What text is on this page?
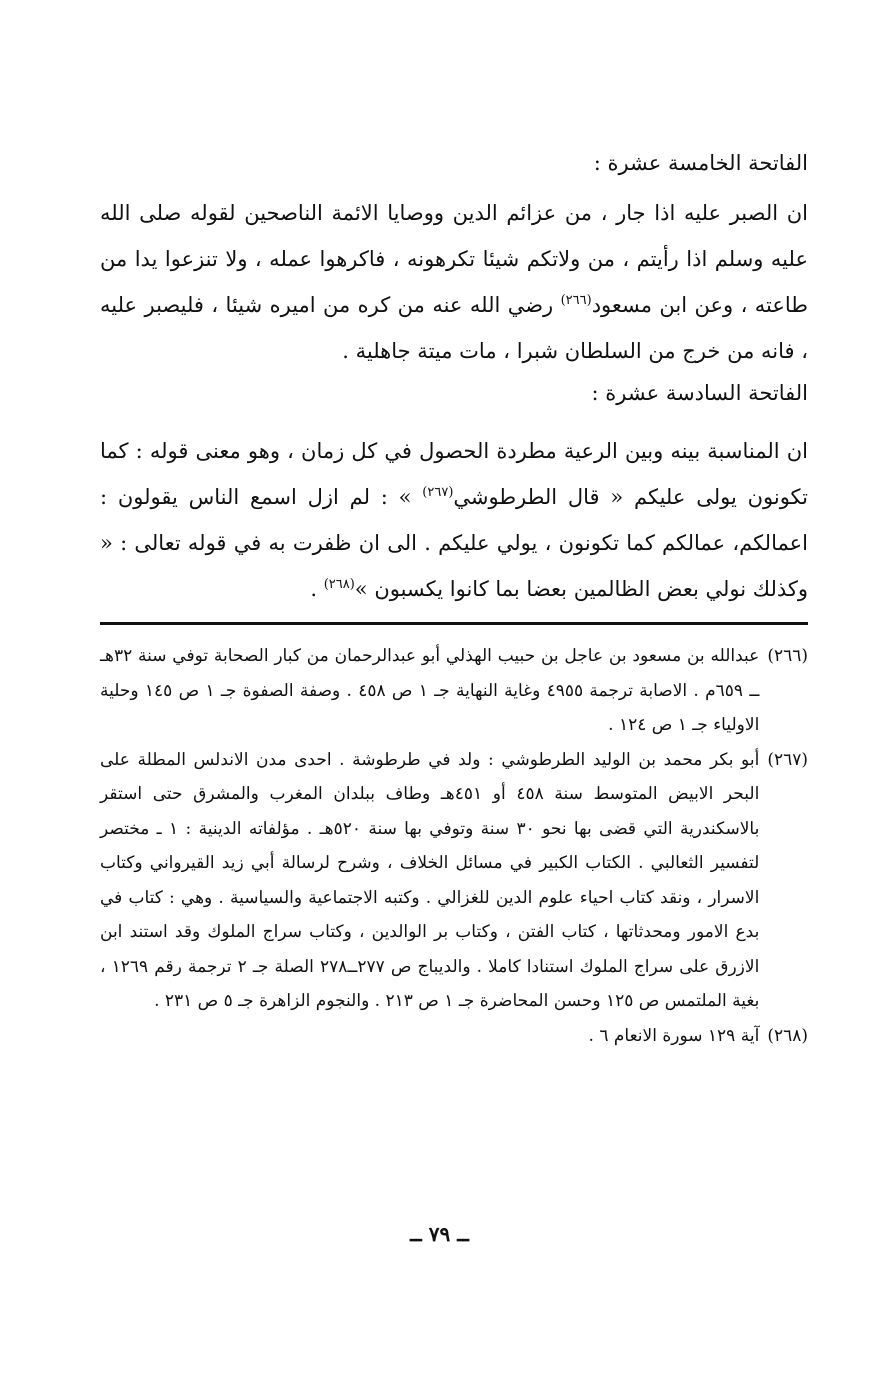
الفاتحة الخامسة عشرة :

ان الصبر عليه اذا جار ، من عزائم الدين ووصايا الائمة الناصحين لقوله صلى الله عليه وسلم اذا رأيتم ، من ولاتكم شيئا تكرهونه ، فاكرهوا عمله ، ولا تنزعوا يدا من طاعته ، وعن ابن مسعود$^{(٢٦٦)}$ رضي الله عنه من كره من اميره شيئا ، فليصبر عليه ، فانه من خرج من السلطان شبرا ، مات ميتة جاهلية .

الفاتحة السادسة عشرة :

ان المناسبة بينه وبين الرعية مطردة الحصول في كل زمان ، وهو معنى قوله : كما تكونون يولى عليكم « قال الطرطوشي$^{(٢٦٧)}$ » : لم ازل اسمع الناس يقولون : اعمالكم، عمالكم كما تكونون ، يولي عليكم . الى ان ظفرت به في قوله تعالى : « وكذلك نولي بعض الظالمين بعضا بما كانوا يكسبون »$^{(٢٦٨)}$ .

(٢٦٦)
عبدالله بن مسعود بن عاجل بن حبيب الهذلي أبو عبدالرحمان من كبار الصحابة توفي سنة ٣٢هـ ــ ٦٥٩م . الاصابة ترجمة ٤٩٥٥ وغاية النهاية جـ ١ ص ٤٥٨ . وصفة الصفوة جـ ١ ص ١٤٥ وحلية الاولياء جـ ١ ص ١٢٤ .
(٢٦٧)
أبو بكر محمد بن الوليد الطرطوشي : ولد في طرطوشة . احدى مدن الاندلس المطلة على البحر الابيض المتوسط سنة ٤٥٨ أو ٤٥١هـ وطاف ببلدان المغرب والمشرق حتى استقر بالاسكندرية التي قضى بها نحو ٣٠ سنة وتوفي بها سنة ٥٢٠هـ . مؤلفاته الدينية : ١ ـ مختصر لتفسير الثعالبي . الكتاب الكبير في مسائل الخلاف ، وشرح لرسالة أبي زيد القيرواني وكتاب الاسرار ، ونقد كتاب احياء علوم الدين للغزالي . وكتبه الاجتماعية والسياسية . وهي : كتاب في بدع الامور ومحدثاتها ، كتاب الفتن ، وكتاب بر الوالدين ، وكتاب سراج الملوك وقد استند ابن الازرق على سراج الملوك استنادا كاملا . والديباج ص ٢٧٧ــ٢٧٨ الصلة جـ ٢ ترجمة رقم ١٢٦٩ ، بغية الملتمس ص ١٢٥ وحسن المحاضرة جـ ١ ص ٢١٣ . والنجوم الزاهرة جـ ٥ ص ٢٣١ .
(٢٦٨)
آية ١٢٩ سورة الانعام ٦ .
ــ ٧٩ ــ
